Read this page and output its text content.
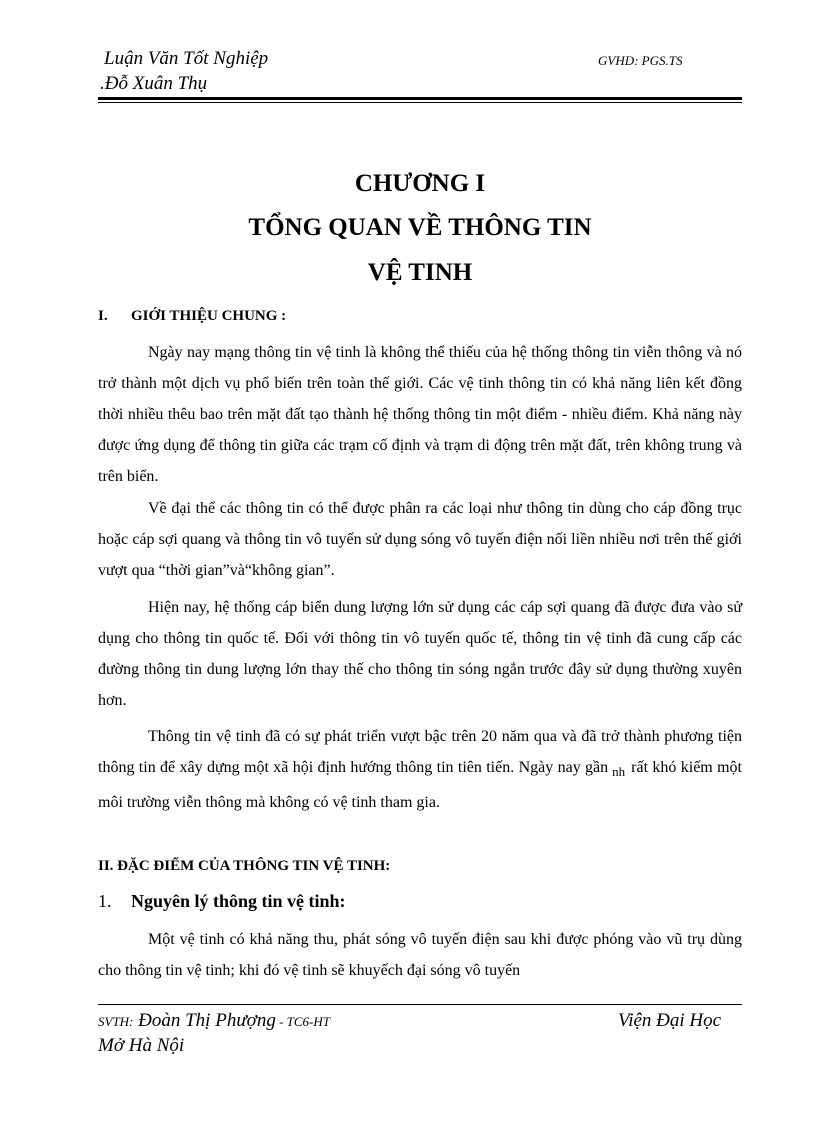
Luận Văn Tốt Nghiệp
.Đỗ Xuân Thụ
GVHD: PGS.TS
CHƯƠNG I
TỔNG QUAN VỀ THÔNG TIN
VỆ TINH
I. GIỚI THIỆU CHUNG :
Ngày nay mạng thông tin vệ tinh là không thể thiếu của hệ thống thông tin viễn thông và nó trở thành một dịch vụ phổ biến trên toàn thế giới. Các vệ tinh thông tin có khả năng liên kết đồng thời nhiều thêu bao trên mặt đất tạo thành hệ thống thông tin một điểm - nhiều điểm. Khả năng này được ứng dụng để thông tin giữa các trạm cố định và trạm di động trên mặt đất, trên không trung và trên biển.
Về đại thể các thông tin có thể được phân ra các loại như thông tin dùng cho cáp đồng trục hoặc cáp sợi quang và thông tin vô tuyến sử dụng sóng vô tuyến điện nối liền nhiều nơi trên thế giới vượt qua “thời gian”và“không gian”.
Hiện nay, hệ thống cáp biển dung lượng lớn sử dụng các cáp sợi quang đã được đưa vào sử dụng cho thông tin quốc tế. Đối với thông tin vô tuyến quốc tế, thông tin vệ tinh đã cung cấp các đường thông tin dung lượng lớn thay thế cho thông tin sóng ngắn trước đây sử dụng thường xuyên hơn.
Thông tin vệ tinh đã có sự phát triển vượt bậc trên 20 năm qua và đã trở thành phương tiện thông tin để xây dựng một xã hội định hướng thông tin tiên tiến. Ngày nay gần $_{nh}$ rất khó kiếm một môi trường viễn thông mà không có vệ tinh tham gia.
II. ĐẶC ĐIỂM CỦA THÔNG TIN VỆ TINH:
1. Nguyên lý thông tin vệ tinh:
Một vệ tinh có khả năng thu, phát sóng vô tuyến điện sau khi được phóng vào vũ trụ dùng cho thông tin vệ tinh; khi đó vệ tinh sẽ khuyếch đại sóng vô tuyến
SVTH: Đoàn Thị Phượng - TC6-HT
Mở Hà Nội
Viện Đại Học
